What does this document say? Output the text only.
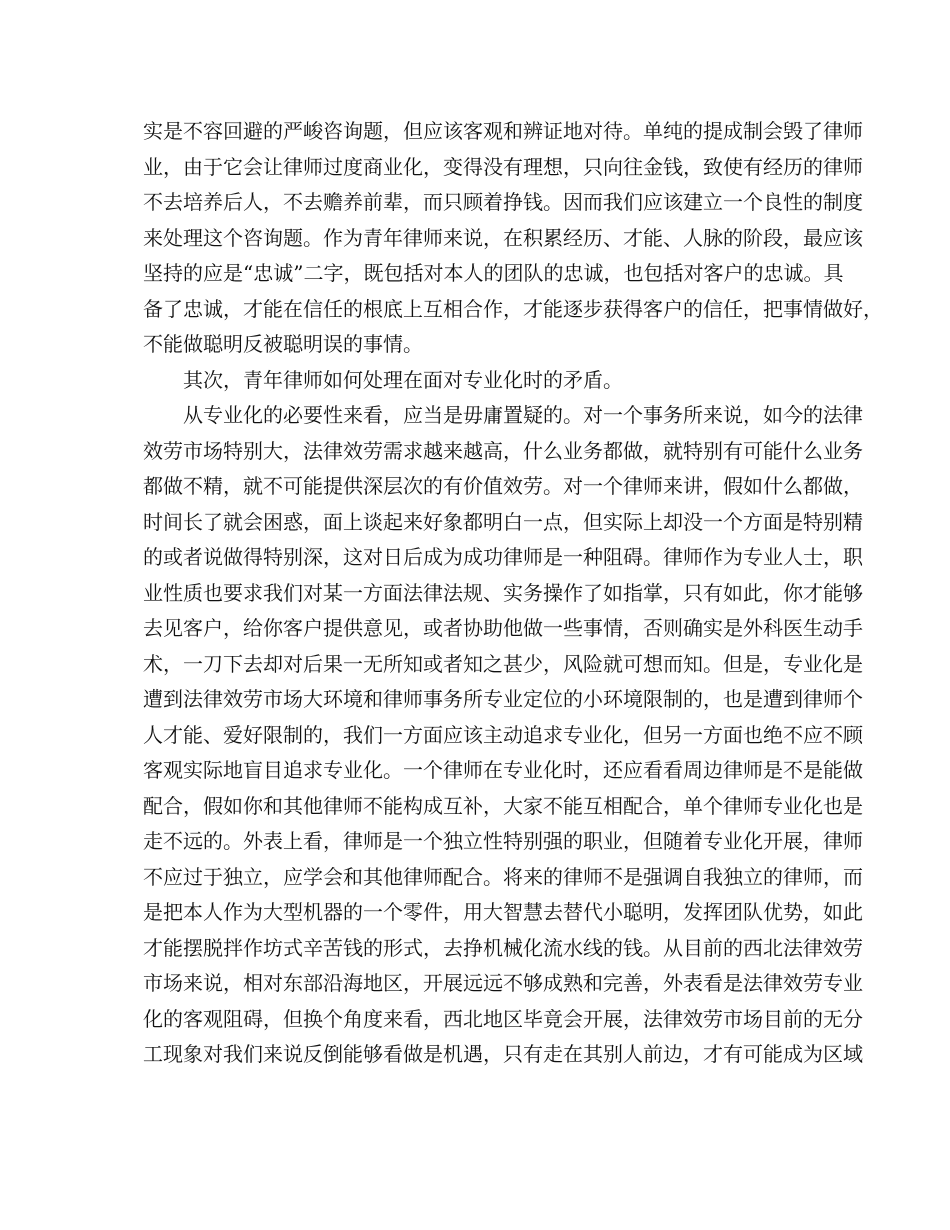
实是不容回避的严峻咨询题，但应该客观和辨证地对待。单纯的提成制会毁了律师
业，由于它会让律师过度商业化，变得没有理想，只向往金钱，致使有经历的律师
不去培养后人，不去赡养前辈，而只顾着挣钱。因而我们应该建立一个良性的制度
来处理这个咨询题。作为青年律师来说，在积累经历、才能、人脉的阶段，最应该
坚持的应是“忠诚”二字，既包括对本人的团队的忠诚，也包括对客户的忠诚。具
备了忠诚，才能在信任的根底上互相合作，才能逐步获得客户的信任，把事情做好，
不能做聪明反被聪明误的事情。
其次，青年律师如何处理在面对专业化时的矛盾。
从专业化的必要性来看，应当是毋庸置疑的。对一个事务所来说，如今的法律
效劳市场特别大，法律效劳需求越来越高，什么业务都做，就特别有可能什么业务
都做不精，就不可能提供深层次的有价值效劳。对一个律师来讲，假如什么都做，
时间长了就会困惑，面上谈起来好象都明白一点，但实际上却没一个方面是特别精
的或者说做得特别深，这对日后成为成功律师是一种阻碍。律师作为专业人士，职
业性质也要求我们对某一方面法律法规、实务操作了如指掌，只有如此，你才能够
去见客户，给你客户提供意见，或者协助他做一些事情，否则确实是外科医生动手
术，一刀下去却对后果一无所知或者知之甚少，风险就可想而知。但是，专业化是
遭到法律效劳市场大环境和律师事务所专业定位的小环境限制的，也是遭到律师个
人才能、爱好限制的，我们一方面应该主动追求专业化，但另一方面也绝不应不顾
客观实际地盲目追求专业化。一个律师在专业化时，还应看看周边律师是不是能做
配合，假如你和其他律师不能构成互补，大家不能互相配合，单个律师专业化也是
走不远的。外表上看，律师是一个独立性特别强的职业，但随着专业化开展，律师
不应过于独立，应学会和其他律师配合。将来的律师不是强调自我独立的律师，而
是把本人作为大型机器的一个零件，用大智慧去替代小聪明，发挥团队优势，如此
才能摆脱拌作坊式辛苦钱的形式，去挣机械化流水线的钱。从目前的西北法律效劳
市场来说，相对东部沿海地区，开展远远不够成熟和完善，外表看是法律效劳专业
化的客观阻碍，但换个角度来看，西北地区毕竟会开展，法律效劳市场目前的无分
工现象对我们来说反倒能够看做是机遇，只有走在其别人前边，才有可能成为区域
